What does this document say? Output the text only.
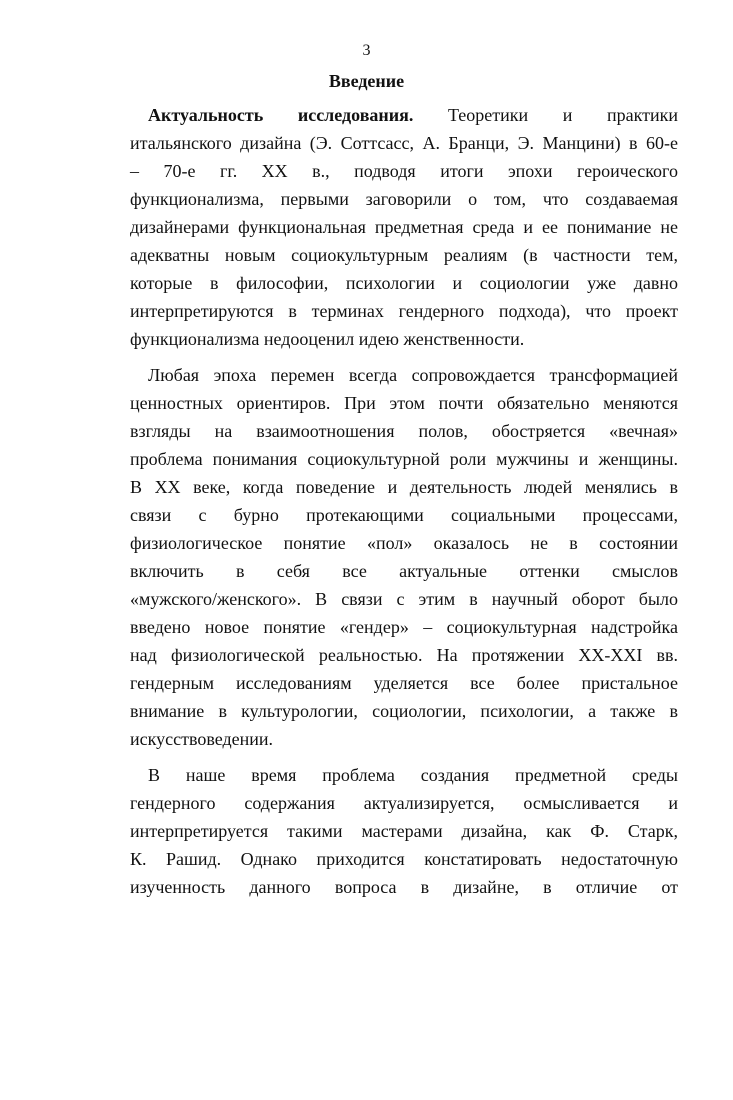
3
Введение
Актуальность исследования. Теоретики и практики
итальянского дизайна (Э. Соттсасс, А. Бранци, Э. Манцини) в 60-е
– 70-е гг. XX в., подводя итоги эпохи героического
функционализма, первыми заговорили о том, что создаваемая
дизайнерами функциональная предметная среда и ее понимание не
адекватны новым социокультурным реалиям (в частности тем,
которые в философии, психологии и социологии уже давно
интерпретируются в терминах гендерного подхода), что проект
функционализма недооценил идею женственности.
Любая эпоха перемен всегда сопровождается трансформацией
ценностных ориентиров. При этом почти обязательно меняются
взгляды на взаимоотношения полов, обостряется «вечная»
проблема понимания социокультурной роли мужчины и женщины.
В XX веке, когда поведение и деятельность людей менялись в
связи с бурно протекающими социальными процессами,
физиологическое понятие «пол» оказалось не в состоянии
включить в себя все актуальные оттенки смыслов
«мужского/женского». В связи с этим в научный оборот было
введено новое понятие «гендер» – социокультурная надстройка
над физиологической реальностью. На протяжении XX-XXI вв.
гендерным исследованиям уделяется все более пристальное
внимание в культурологии, социологии, психологии, а также в
искусствоведении.
В наше время проблема создания предметной среды
гендерного содержания актуализируется, осмысливается и
интерпретируется такими мастерами дизайна, как Ф. Старк,
К. Рашид. Однако приходится констатировать недостаточную
изученность данного вопроса в дизайне, в отличие от
